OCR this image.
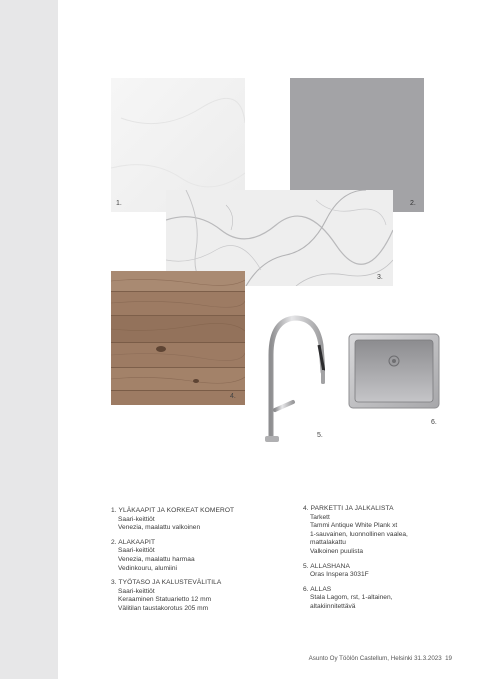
1.	2.
3.
4.
5.
6.
1. YLÄKAAPIT JA KORKEAT KOMEROT
Saari-keittiöt
Venezia, maalattu valkoinen
2. ALAKAAPIT
Saari-keittiöt
Venezia, maalattu harmaa
Vedinkouru, alumiini
3. TYÖTASO JA KALUSTEVÄLITILA
Saari-keittiöt
Keraaminen Statuarietto 12 mm
Välitilan taustakorotus 205 mm
4. PARKETTI JA JALKALISTA
Tarkett
Tammi Antique White Plank xt
1-sauvainen, luonnollinen vaalea,
mattalakattu
Valkoinen puulista
5. ALLASHANA
Oras Inspera 3031F
6. ALLAS
Stala Lagom, rst, 1-altainen,
altakiinnitettävä
Asunto Oy Töölön Castellum, Helsinki 31.3.2023 19
